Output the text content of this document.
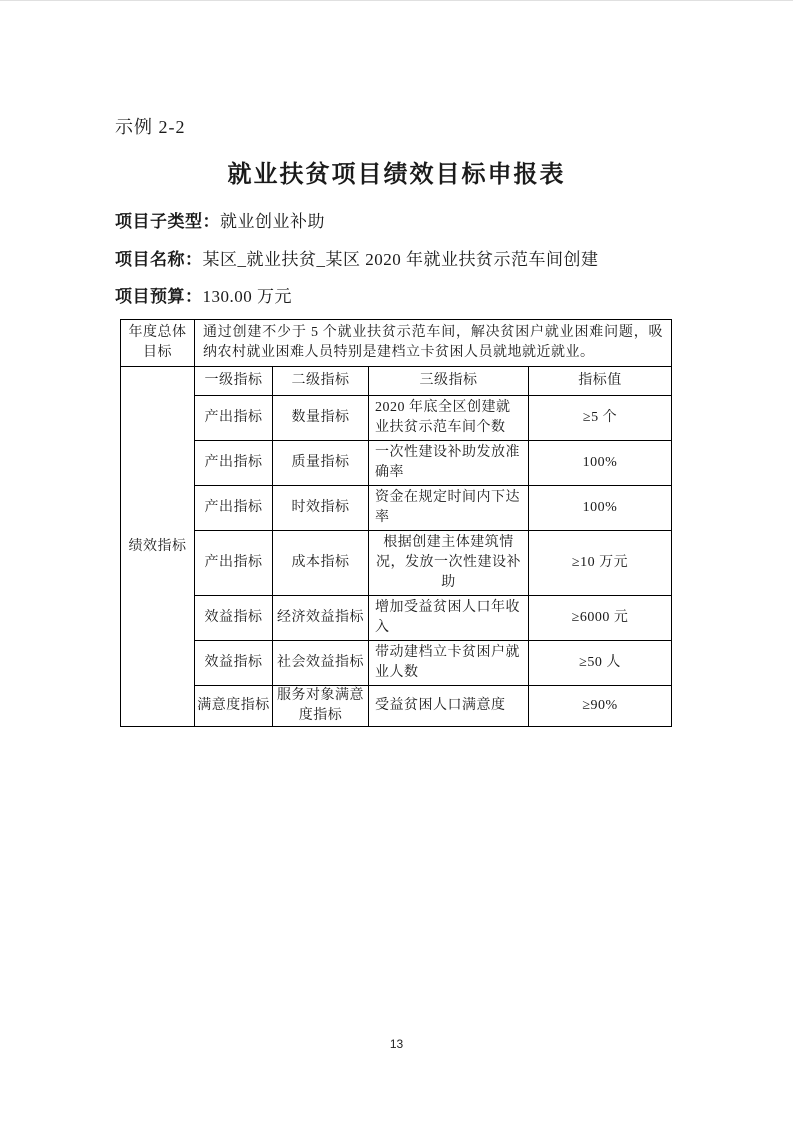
示例 2-2
就业扶贫项目绩效目标申报表
项目子类型：就业创业补助
项目名称：某区_就业扶贫_某区 2020 年就业扶贫示范车间创建
项目预算：130.00 万元
年度总体目标	通过创建不少于 5 个就业扶贫示范车间，解决贫困户就业困难问题，吸纳农村就业困难人员特别是建档立卡贫困人员就地就近就业。			
绩效指标	一级指标	二级指标	三级指标	指标值
	产出指标	数量指标	2020 年底全区创建就业扶贫示范车间个数	≥5 个
	产出指标	质量指标	一次性建设补助发放准确率	100%
	产出指标	时效指标	资金在规定时间内下达率	100%
	产出指标	成本指标	根据创建主体建筑情况，发放一次性建设补助	≥10 万元
	效益指标	经济效益指标	增加受益贫困人口年收入	≥6000 元
	效益指标	社会效益指标	带动建档立卡贫困户就业人数	≥50 人
	满意度指标	服务对象满意度指标	受益贫困人口满意度	≥90%
13
